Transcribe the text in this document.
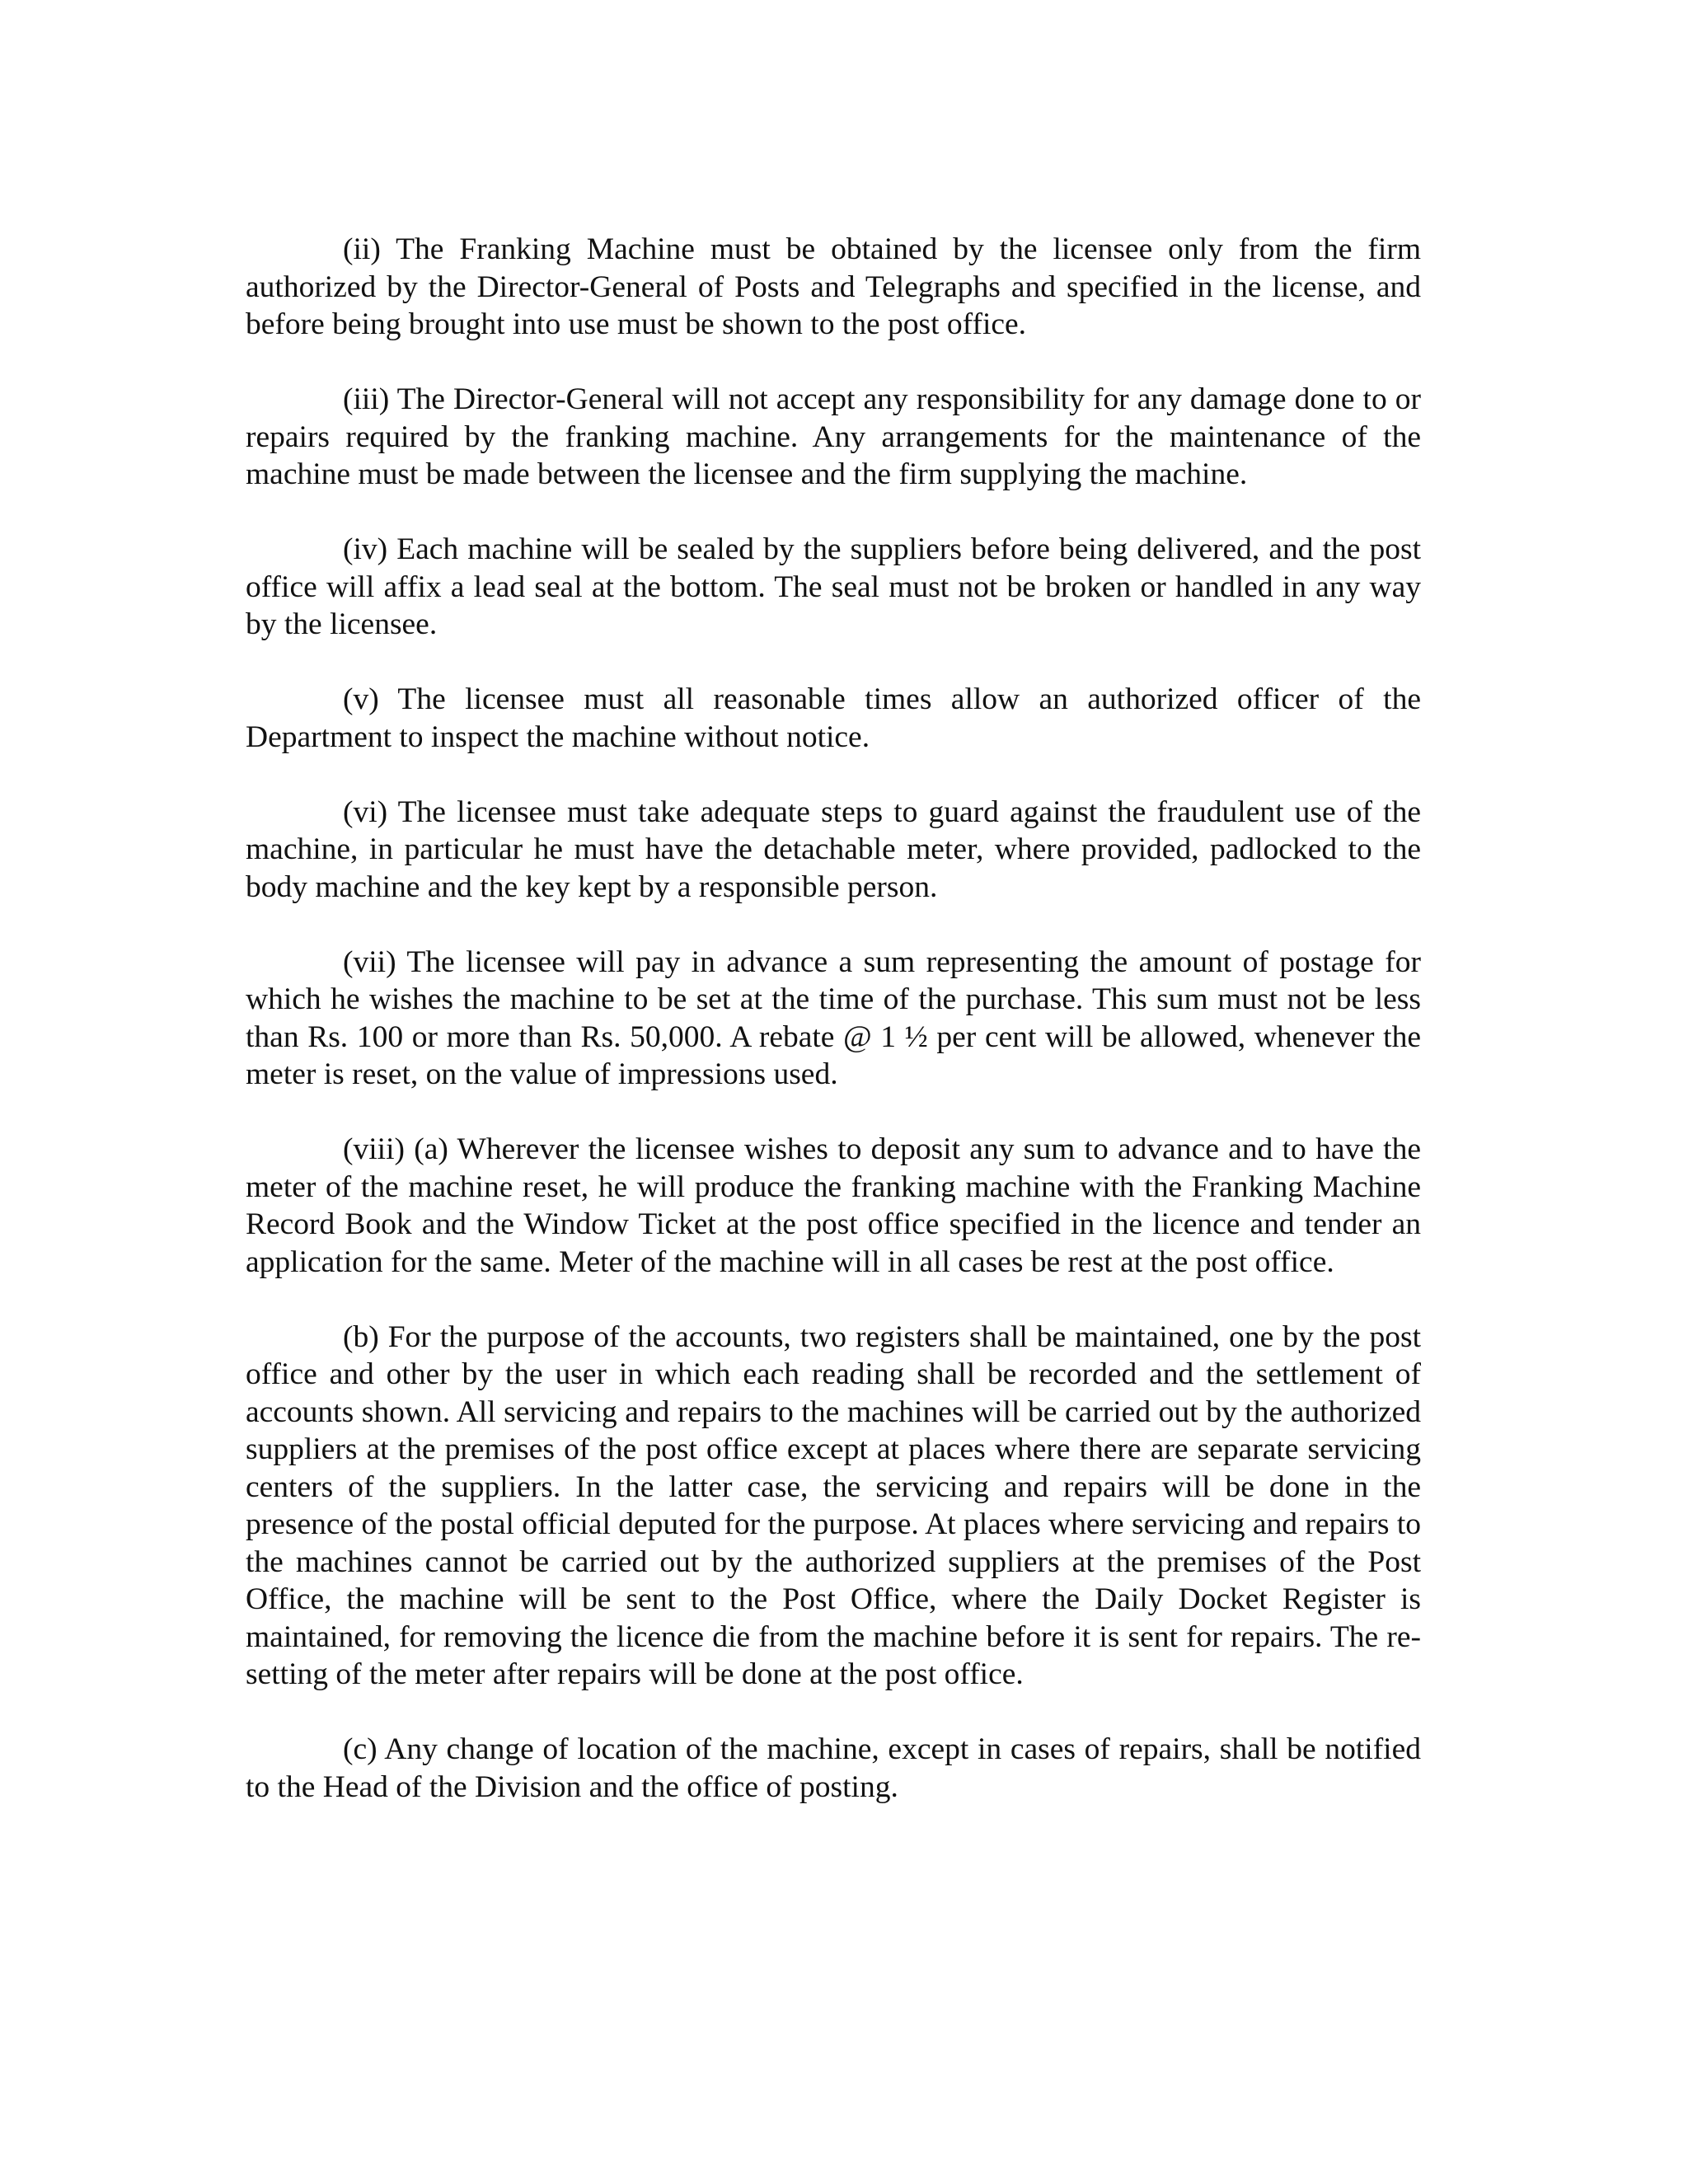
(ii) The Franking Machine must be obtained by the licensee only from the firm authorized by the Director-General of Posts and Telegraphs and specified in the license, and before being brought into use must be shown to the post office.

(iii) The Director-General will not accept any responsibility for any damage done to or repairs required by the franking machine. Any arrangements for the maintenance of the machine must be made between the licensee and the firm supplying the machine.

(iv) Each machine will be sealed by the suppliers before being delivered, and the post office will affix a lead seal at the bottom. The seal must not be broken or handled in any way by the licensee.

(v) The licensee must all reasonable times allow an authorized officer of the Department to inspect the machine without notice.

(vi) The licensee must take adequate steps to guard against the fraudulent use of the machine, in particular he must have the detachable meter, where provided, padlocked to the body machine and the key kept by a responsible person.

(vii) The licensee will pay in advance a sum representing the amount of postage for which he wishes the machine to be set at the time of the purchase. This sum must not be less than Rs. 100 or more than Rs. 50,000. A rebate @ 1 ½ per cent will be allowed, whenever the meter is reset, on the value of impressions used.

(viii) (a) Wherever the licensee wishes to deposit any sum to advance and to have the meter of the machine reset, he will produce the franking machine with the Franking Machine Record Book and the Window Ticket at the post office specified in the licence and tender an application for the same. Meter of the machine will in all cases be rest at the post office.

(b) For the purpose of the accounts, two registers shall be maintained, one by the post office and other by the user in which each reading shall be recorded and the settlement of accounts shown. All servicing and repairs to the machines will be carried out by the authorized suppliers at the premises of the post office except at places where there are separate servicing centers of the suppliers. In the latter case, the servicing and repairs will be done in the presence of the postal official deputed for the purpose. At places where servicing and repairs to the machines cannot be carried out by the authorized suppliers at the premises of the Post Office, the machine will be sent to the Post Office, where the Daily Docket Register is maintained, for removing the licence die from the machine before it is sent for repairs. The re-setting of the meter after repairs will be done at the post office.

(c) Any change of location of the machine, except in cases of repairs, shall be notified to the Head of the Division and the office of posting.
